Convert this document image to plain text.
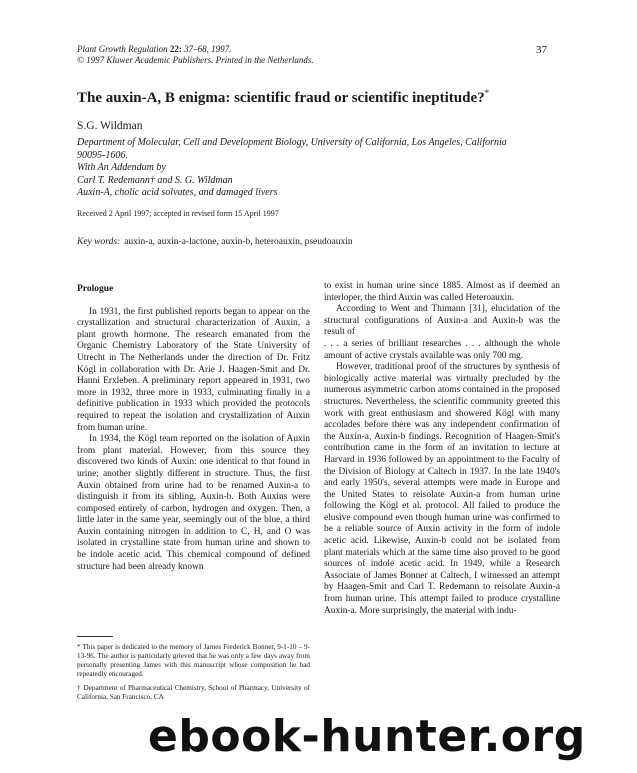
Plant Growth Regulation 22: 37–68, 1997.
© 1997 Kluwer Academic Publishers. Printed in the Netherlands.
37
The auxin-A, B enigma: scientific fraud or scientific ineptitude?*
S.G. Wildman
Department of Molecular, Cell and Development Biology, University of California, Los Angeles, California
90095-1606.
With An Addendum by
Carl T. Redemann† and S. G. Wildman
Auxin-A, cholic acid solvates, and damaged livers
Received 2 April 1997; accepted in revised form 15 April 1997
Key words: auxin-a, auxin-a-lactone, auxin-b, heteroauxin, pseudoauxin
Prologue

In 1931, the first published reports began to appear on the crystallization and structural characterization of Auxin, a plant growth hormone. The research emanated from the Organic Chemistry Laboratory of the State University of Utrecht in The Netherlands under the direction of Dr. Fritz Kögl in collaboration with Dr. Arie J. Haagen-Smit and Dr. Hanni Erxleben. A preliminary report appeared in 1931, two more in 1932, three more in 1933, culminating finally in a definitive publication in 1933 which provided the protocols required to repeat the isolation and crystallization of Auxin from human urine.

In 1934, the Kögl team reported on the isolation of Auxin from plant material. However, from this source they discovered two kinds of Auxin: one identical to that found in urine; another slightly different in structure. Thus, the first Auxin obtained from urine had to be renamed Auxin-a to distinguish it from its sibling, Auxin-b. Both Auxins were composed entirely of carbon, hydrogen and oxygen. Then, a little later in the same year, seemingly out of the blue, a third Auxin containing nitrogen in addition to C, H, and O was isolated in crystalline state from human urine and shown to be indole acetic acid. This chemical compound of defined structure had been already known

* This paper is dedicated to the memory of James Frederick Bonner, 9-1-10 – 9-13-96. The author is particularly grieved that he was only a few days away from personally presenting James with this manuscript whose composition he had repeatedly encouraged.
† Department of Pharmaceutical Chemistry, School of Pharmacy, University of California, San Francisco, CA

to exist in human urine since 1885. Almost as if deemed an interloper, the third Auxin was called Heteroauxin.

According to Went and Thimann [31], elucidation of the structural configurations of Auxin-a and Auxin-b was the result of

. . . a series of brilliant researches . . . although the whole amount of active crystals available was only 700 mg.

However, traditional proof of the structures by synthesis of biologically active material was virtually precluded by the numerous asymmetric carbon atoms contained in the proposed structures. Nevertheless, the scientific community greeted this work with great enthusiasm and showered Kögl with many accolades before there was any independent confirmation of the Auxin-a, Auxin-b findings. Recognition of Haagen-Smit's contribution came in the form of an invitation to lecture at Harvard in 1936 followed by an appointment to the Faculty of the Division of Biology at Caltech in 1937. In the late 1940's and early 1950's, several attempts were made in Europe and the United States to reisolate Auxin-a from human urine following the Kögl et al. protocol. All failed to produce the elusive compound even though human urine was confirmed to be a reliable source of Auxin activity in the form of indole acetic acid. Likewise, Auxin-b could not be isolated from plant materials which at the same time also proved to be good sources of indole acetic acid. In 1949, while a Research Associate of James Bonner at Caltech, I witnessed an attempt by Haagen-Smit and Carl T. Redemann to reisolate Auxin-a from human urine. This attempt failed to produce crystalline Auxin-a. More surprisingly, the material with indu-

ebook-hunter.org
